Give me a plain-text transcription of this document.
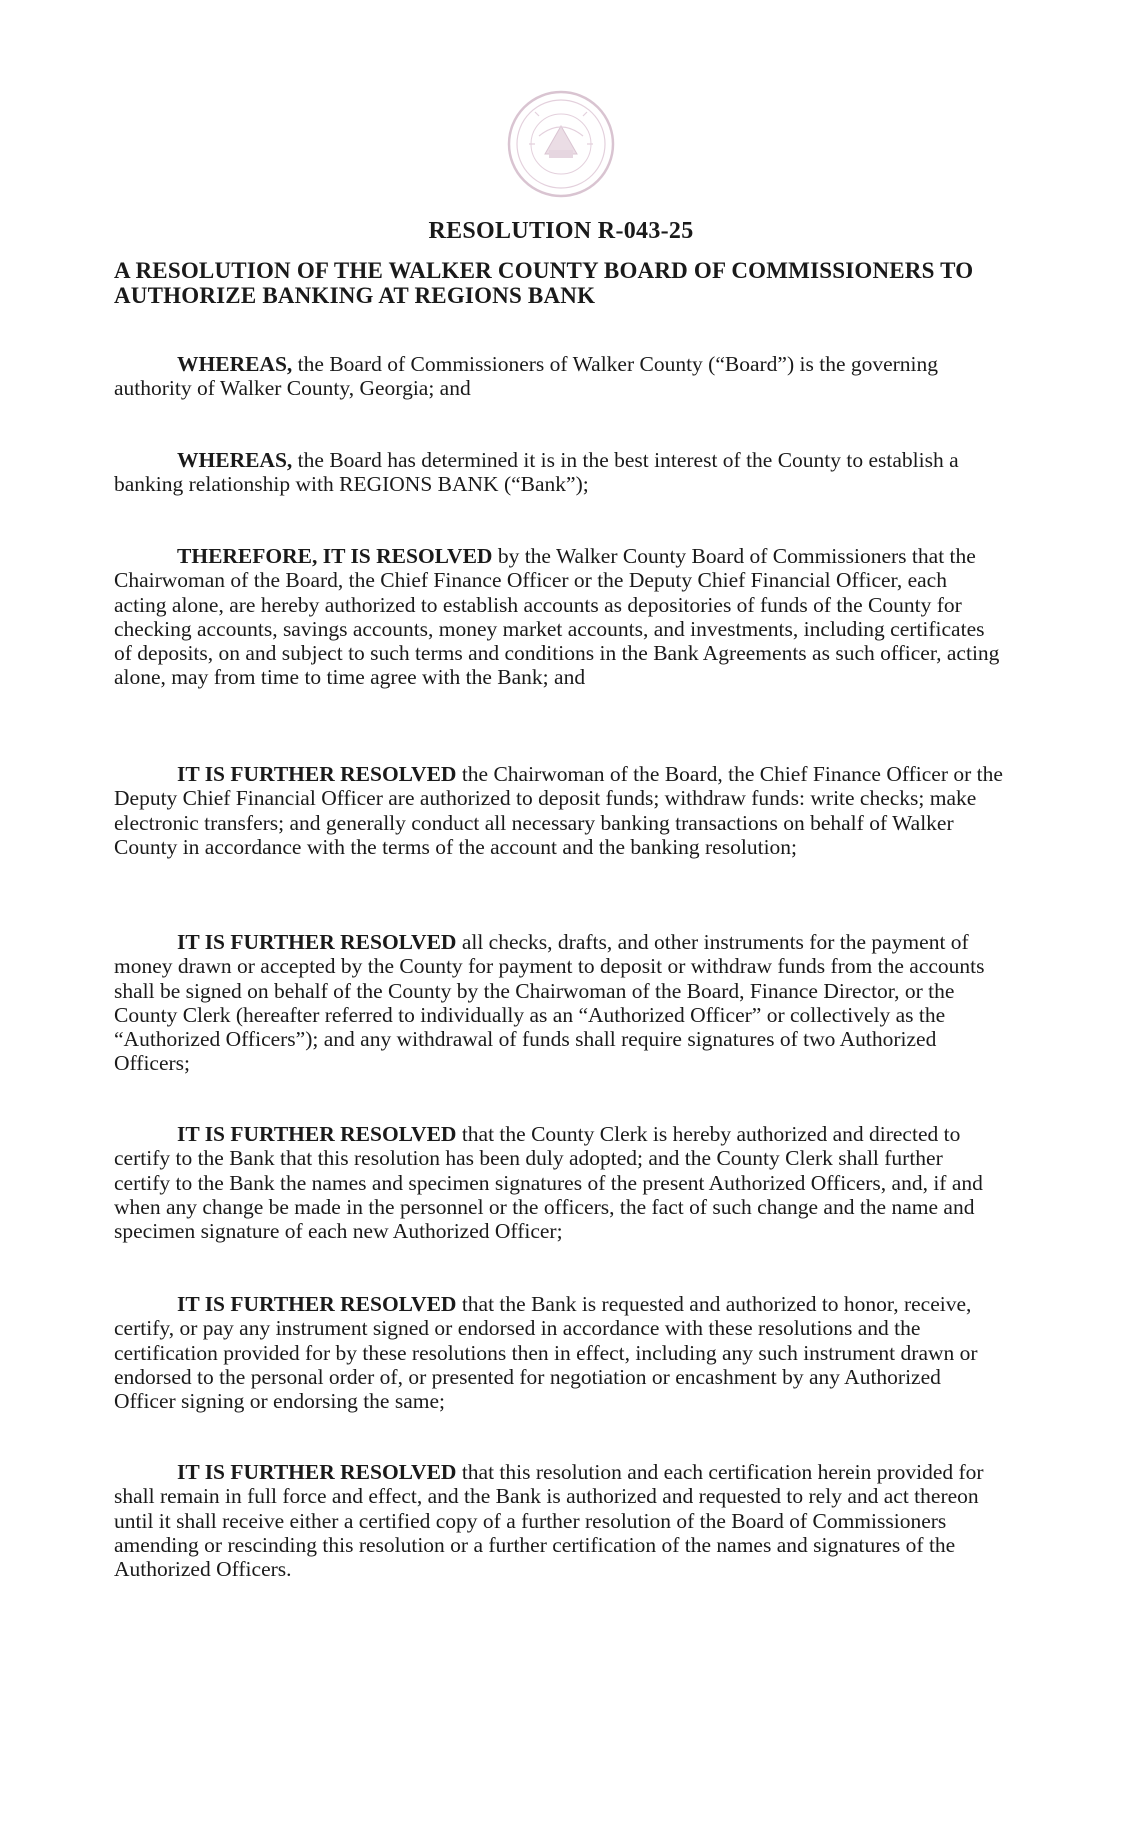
RESOLUTION R-043-25
A RESOLUTION OF THE WALKER COUNTY BOARD OF COMMISSIONERS TO AUTHORIZE BANKING AT REGIONS BANK
WHEREAS, the Board of Commissioners of Walker County (“Board”) is the governing authority of Walker County, Georgia; and
WHEREAS, the Board has determined it is in the best interest of the County to establish a banking relationship with REGIONS BANK (“Bank”);
THEREFORE, IT IS RESOLVED by the Walker County Board of Commissioners that the Chairwoman of the Board, the Chief Finance Officer or the Deputy Chief Financial Officer, each acting alone, are hereby authorized to establish accounts as depositories of funds of the County for checking accounts, savings accounts, money market accounts, and investments, including certificates of deposits, on and subject to such terms and conditions in the Bank Agreements as such officer, acting alone, may from time to time agree with the Bank; and
IT IS FURTHER RESOLVED the Chairwoman of the Board, the Chief Finance Officer or the Deputy Chief Financial Officer are authorized to deposit funds; withdraw funds: write checks; make electronic transfers; and generally conduct all necessary banking transactions on behalf of Walker County in accordance with the terms of the account and the banking resolution;
IT IS FURTHER RESOLVED all checks, drafts, and other instruments for the payment of money drawn or accepted by the County for payment to deposit or withdraw funds from the accounts shall be signed on behalf of the County by the Chairwoman of the Board, Finance Director, or the County Clerk (hereafter referred to individually as an “Authorized Officer” or collectively as the “Authorized Officers”); and any withdrawal of funds shall require signatures of two Authorized Officers;
IT IS FURTHER RESOLVED that the County Clerk is hereby authorized and directed to certify to the Bank that this resolution has been duly adopted; and the County Clerk shall further certify to the Bank the names and specimen signatures of the present Authorized Officers, and, if and when any change be made in the personnel or the officers, the fact of such change and the name and specimen signature of each new Authorized Officer;
IT IS FURTHER RESOLVED that the Bank is requested and authorized to honor, receive, certify, or pay any instrument signed or endorsed in accordance with these resolutions and the certification provided for by these resolutions then in effect, including any such instrument drawn or endorsed to the personal order of, or presented for negotiation or encashment by any Authorized Officer signing or endorsing the same;
IT IS FURTHER RESOLVED that this resolution and each certification herein provided for shall remain in full force and effect, and the Bank is authorized and requested to rely and act thereon until it shall receive either a certified copy of a further resolution of the Board of Commissioners amending or rescinding this resolution or a further certification of the names and signatures of the Authorized Officers.
